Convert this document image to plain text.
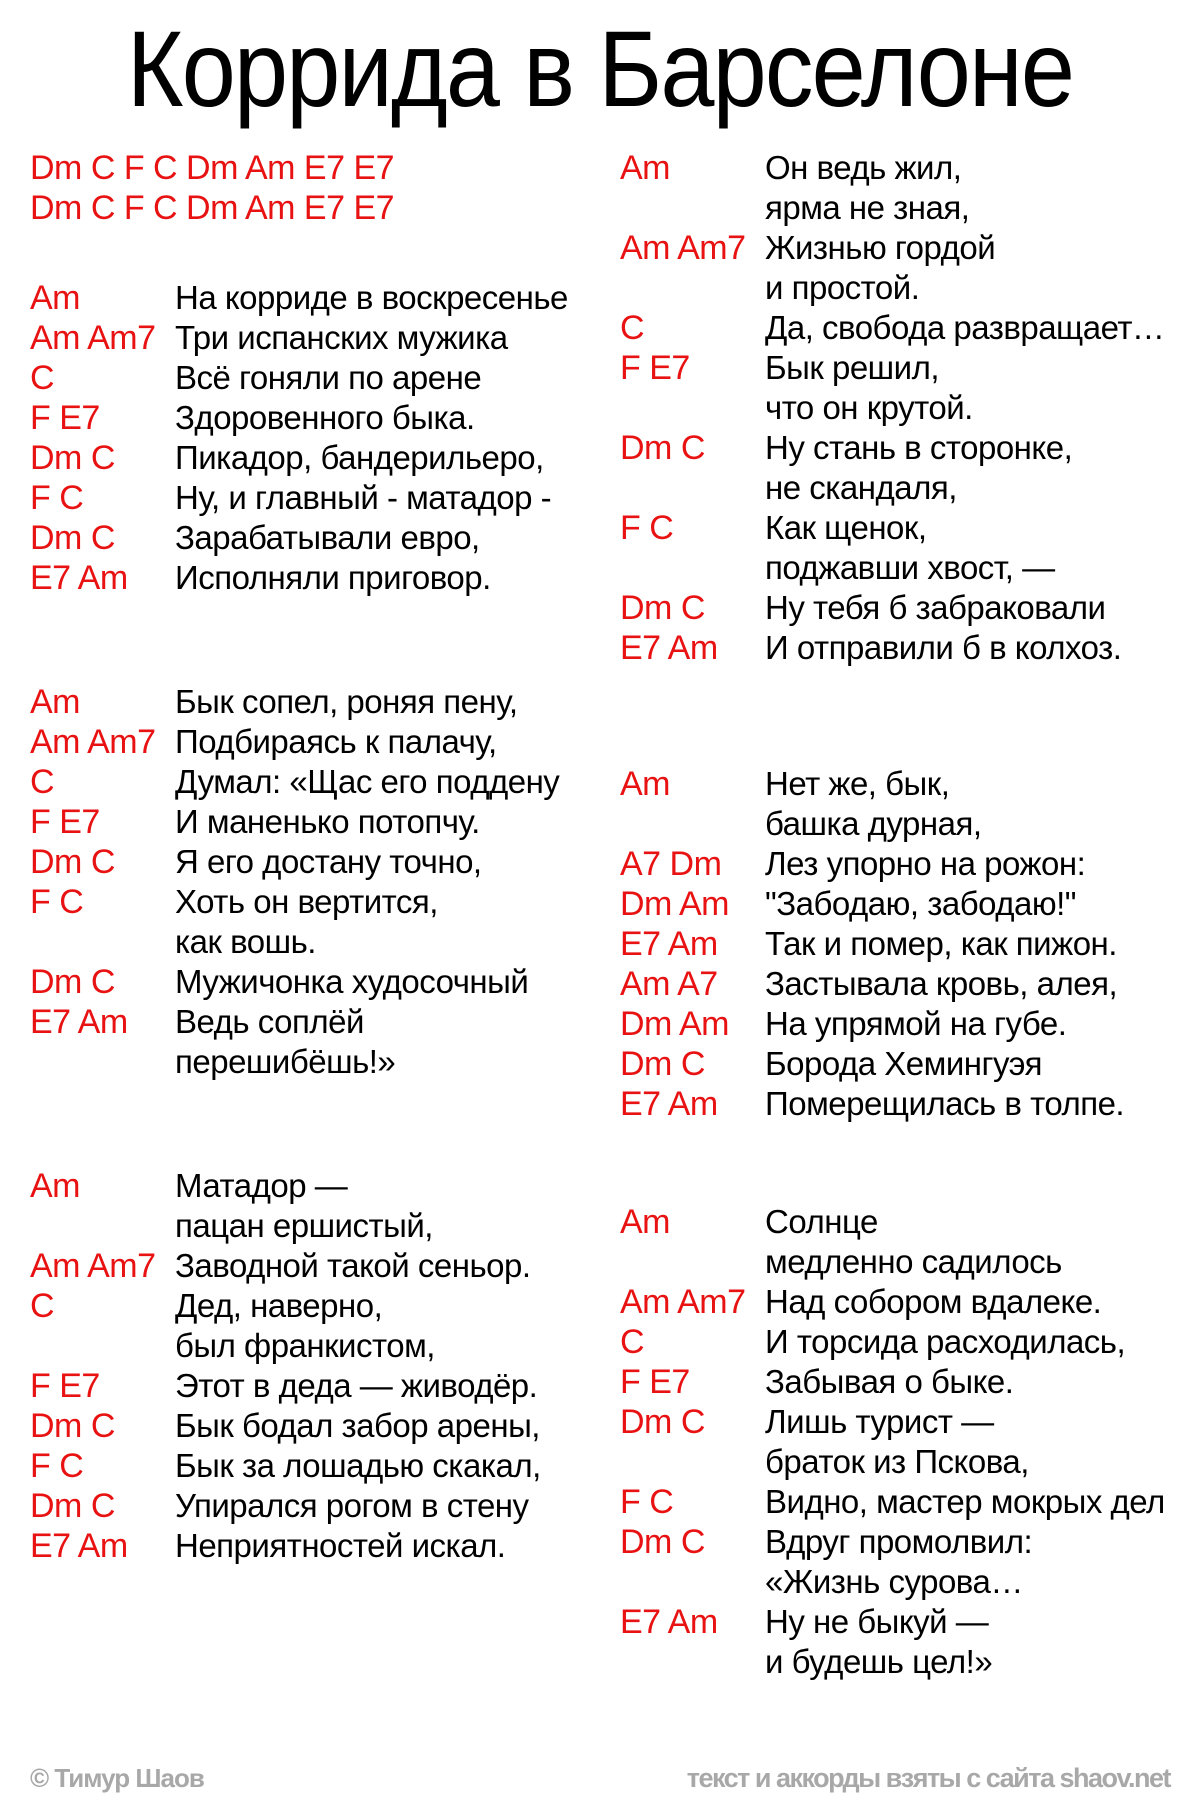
Коррида в Барселоне
Dm C F C Dm Am E7 E7
Dm C F C Dm Am E7 E7
Am	На корриде в воскресенье
Am Am7 Три испанских мужика
C	Всё гоняли по арене
F E7	Здоровенного быка.
Dm C	Пикадор, бандерильеро,
F C	Ну, и главный - матадор -
Dm C	Зарабатывали евро,
E7 Am	Исполняли приговор.
Am	Бык сопел, роняя пену,
Am Am7 Подбираясь к палачу,
C	Думал: «Щас его поддену
F E7	И маненько потопчу.
Dm C	Я его достану точно,
F C	Хоть он вертится,
как вошь.
Dm C	Мужичонка худосочный
E7 Am	Ведь соплёй
перешибёшь!»
Am	Матадор —
пацан ершистый,
Am Am7 Заводной такой сеньор.
C	Дед, наверно,
был франкистом,
F E7	Этот в деда — живодёр.
Dm C	Бык бодал забор арены,
F C	Бык за лошадью скакал,
Dm C	Упирался рогом в стену
E7 Am	Неприятностей искал.
Am	Он ведь жил,
ярма не зная,
Am Am7 Жизнью гордой
и простой.
C	Да, свобода развращает…
F E7	Бык решил,
что он крутой.
Dm C	Ну стань в сторонке,
не скандаля,
F C	Как щенок,
поджавши хвост, —
Dm C	Ну тебя б забраковали
E7 Am	И отправили б в колхоз.
Am	Нет же, бык,
башка дурная,
A7 Dm	Лез упорно на рожон:
Dm Am	"Забодаю, забодаю!"
E7 Am	Так и помер, как пижон.
Am A7	Застывала кровь, алея,
Dm Am	На упрямой на губе.
Dm C	Борода Хемингуэя
E7 Am	Померещилась в толпе.
Am	Солнце
медленно садилось
Am Am7 Над собором вдалеке.
C	И торсида расходилась,
F E7	Забывая о быке.
Dm C	Лишь турист —
браток из Пскова,
F C	Видно, мастер мокрых дел
Dm C	Вдруг промолвил:
«Жизнь сурова…
E7 Am	Ну не быкуй —
и будешь цел!»
© Тимур Шаов	текст и аккорды взяты с сайта shaov.net
